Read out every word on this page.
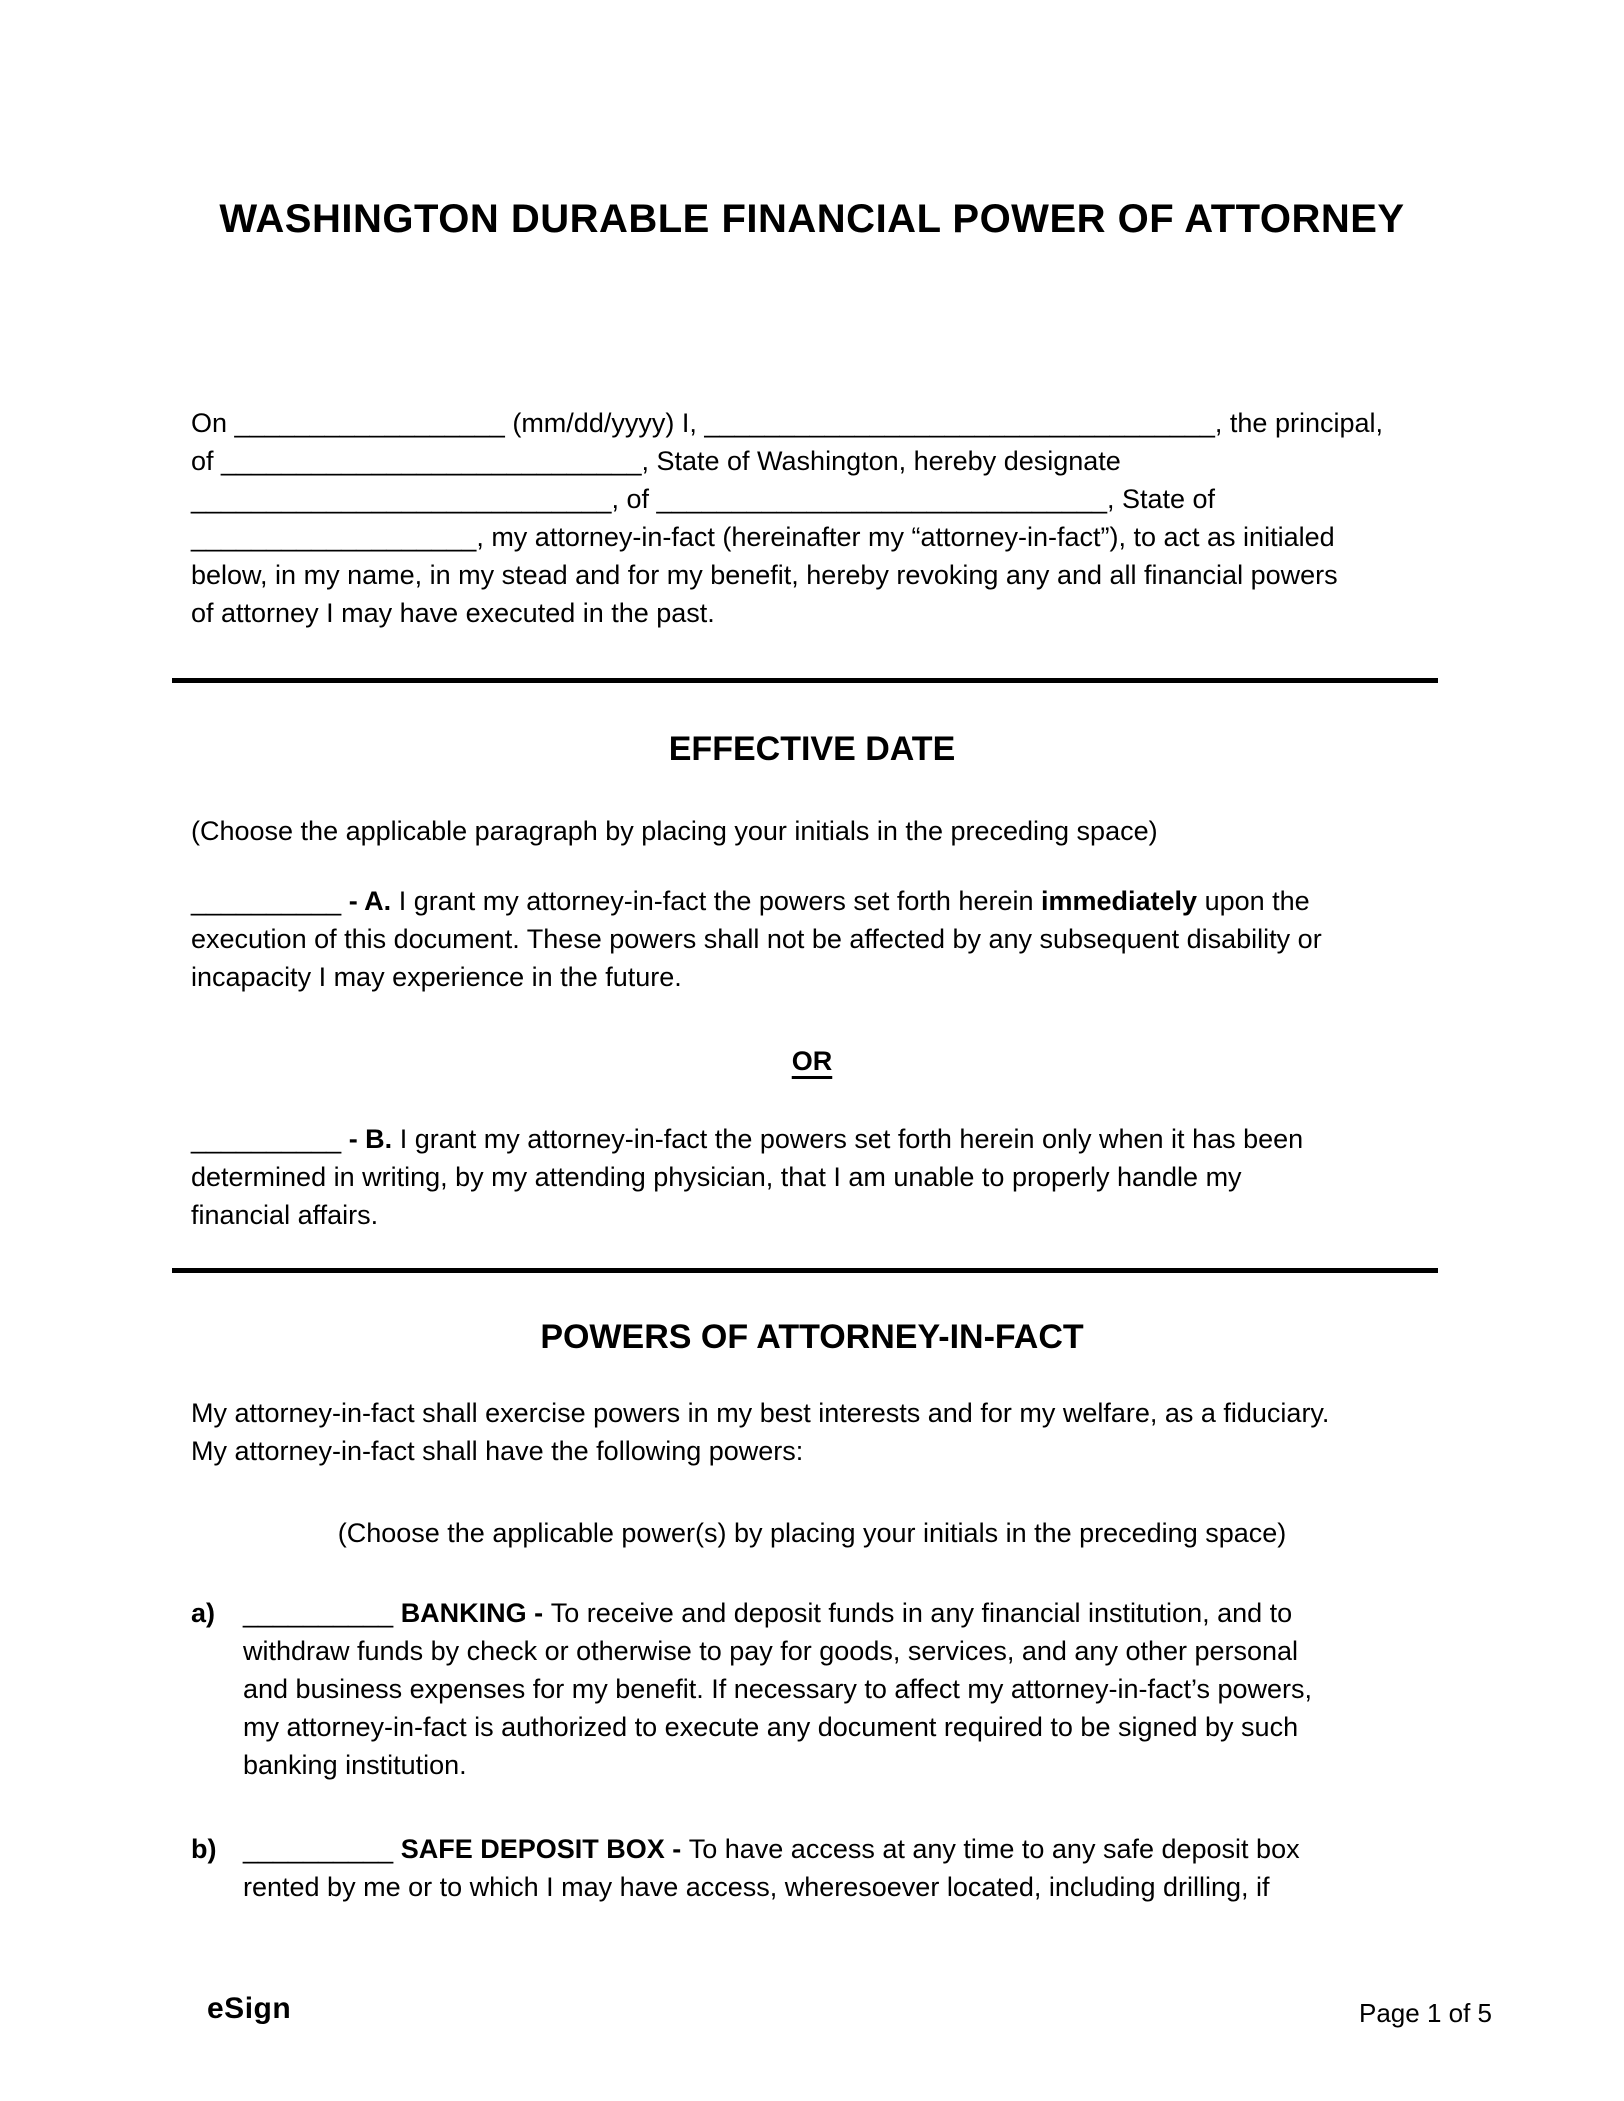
WASHINGTON DURABLE FINANCIAL POWER OF ATTORNEY
On __________________ (mm/dd/yyyy) I, __________________________________, the principal,
of ____________________________, State of Washington, hereby designate
____________________________, of ______________________________, State of
___________________, my attorney-in-fact (hereinafter my “attorney-in-fact”), to act as initialed
below, in my name, in my stead and for my benefit, hereby revoking any and all financial powers
of attorney I may have executed in the past.
EFFECTIVE DATE
(Choose the applicable paragraph by placing your initials in the preceding space)
__________ - A. I grant my attorney-in-fact the powers set forth herein immediately upon the
execution of this document. These powers shall not be affected by any subsequent disability or
incapacity I may experience in the future.
OR
__________ - B. I grant my attorney-in-fact the powers set forth herein only when it has been
determined in writing, by my attending physician, that I am unable to properly handle my
financial affairs.
POWERS OF ATTORNEY-IN-FACT
My attorney-in-fact shall exercise powers in my best interests and for my welfare, as a fiduciary.
My attorney-in-fact shall have the following powers:
(Choose the applicable power(s) by placing your initials in the preceding space)
a) __________ BANKING - To receive and deposit funds in any financial institution, and to
withdraw funds by check or otherwise to pay for goods, services, and any other personal
and business expenses for my benefit. If necessary to affect my attorney-in-fact’s powers,
my attorney-in-fact is authorized to execute any document required to be signed by such
banking institution.
b) __________ SAFE DEPOSIT BOX - To have access at any time to any safe deposit box
rented by me or to which I may have access, wheresoever located, including drilling, if
eSign	Page 1 of 5
